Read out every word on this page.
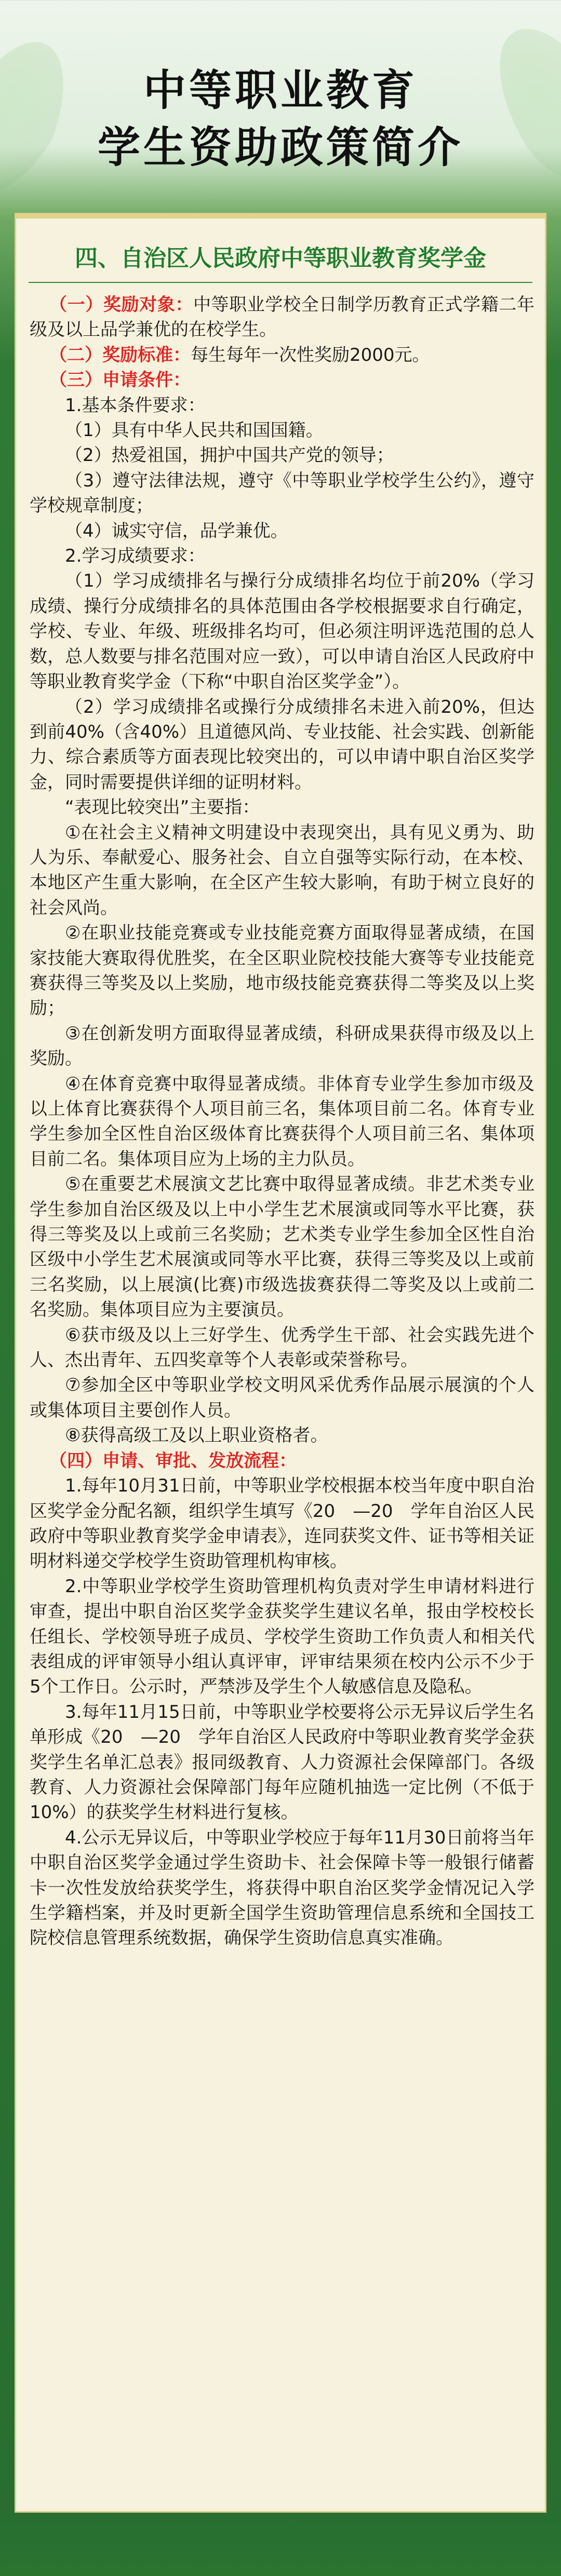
中等职业教育
学生资助政策简介
四、自治区人民政府中等职业教育奖学金

（一）奖励对象：中等职业学校全日制学历教育正式学籍二年级及以上品学兼优的在校学生。

（二）奖励标准：每生每年一次性奖励2000元。

（三）申请条件：

1.基本条件要求：

（1）具有中华人民共和国国籍。

（2）热爱祖国，拥护中国共产党的领导；

（3）遵守法律法规，遵守《中等职业学校学生公约》，遵守学校规章制度；

（4）诚实守信，品学兼优。

2.学习成绩要求：

（1）学习成绩排名与操行分成绩排名均位于前20%（学习成绩、操行分成绩排名的具体范围由各学校根据要求自行确定，学校、专业、年级、班级排名均可，但必须注明评选范围的总人数，总人数要与排名范围对应一致），可以申请自治区人民政府中等职业教育奖学金（下称“中职自治区奖学金”）。

（2）学习成绩排名或操行分成绩排名未进入前20%，但达到前40%（含40%）且道德风尚、专业技能、社会实践、创新能力、综合素质等方面表现比较突出的，可以申请中职自治区奖学金，同时需要提供详细的证明材料。

“表现比较突出”主要指：

①在社会主义精神文明建设中表现突出，具有见义勇为、助人为乐、奉献爱心、服务社会、自立自强等实际行动，在本校、本地区产生重大影响，在全区产生较大影响，有助于树立良好的社会风尚。

②在职业技能竞赛或专业技能竞赛方面取得显著成绩，在国家技能大赛取得优胜奖，在全区职业院校技能大赛等专业技能竞赛获得三等奖及以上奖励，地市级技能竞赛获得二等奖及以上奖励；

③在创新发明方面取得显著成绩，科研成果获得市级及以上奖励。

④在体育竞赛中取得显著成绩。非体育专业学生参加市级及以上体育比赛获得个人项目前三名，集体项目前二名。体育专业学生参加全区性自治区级体育比赛获得个人项目前三名、集体项目前二名。集体项目应为上场的主力队员。

⑤在重要艺术展演文艺比赛中取得显著成绩。非艺术类专业学生参加自治区级及以上中小学生艺术展演或同等水平比赛，获得三等奖及以上或前三名奖励；艺术类专业学生参加全区性自治区级中小学生艺术展演或同等水平比赛，获得三等奖及以上或前三名奖励，以上展演(比赛)市级选拔赛获得二等奖及以上或前二名奖励。集体项目应为主要演员。

⑥获市级及以上三好学生、优秀学生干部、社会实践先进个人、杰出青年、五四奖章等个人表彰或荣誉称号。

⑦参加全区中等职业学校文明风采优秀作品展示展演的个人或集体项目主要创作人员。

⑧获得高级工及以上职业资格者。

（四）申请、审批、发放流程：

1.每年10月31日前，中等职业学校根据本校当年度中职自治区奖学金分配名额，组织学生填写《20　—20　学年自治区人民政府中等职业教育奖学金申请表》，连同获奖文件、证书等相关证明材料递交学校学生资助管理机构审核。

2.中等职业学校学生资助管理机构负责对学生申请材料进行审查，提出中职自治区奖学金获奖学生建议名单，报由学校校长任组长、学校领导班子成员、学校学生资助工作负责人和相关代表组成的评审领导小组认真评审，评审结果须在校内公示不少于5个工作日。公示时，严禁涉及学生个人敏感信息及隐私。

3.每年11月15日前，中等职业学校要将公示无异议后学生名单形成《20　—20　学年自治区人民政府中等职业教育奖学金获奖学生名单汇总表》报同级教育、人力资源社会保障部门。各级教育、人力资源社会保障部门每年应随机抽选一定比例（不低于10%）的获奖学生材料进行复核。

4.公示无异议后，中等职业学校应于每年11月30日前将当年中职自治区奖学金通过学生资助卡、社会保障卡等一般银行储蓄卡一次性发放给获奖学生，将获得中职自治区奖学金情况记入学生学籍档案，并及时更新全国学生资助管理信息系统和全国技工院校信息管理系统数据，确保学生资助信息真实准确。
